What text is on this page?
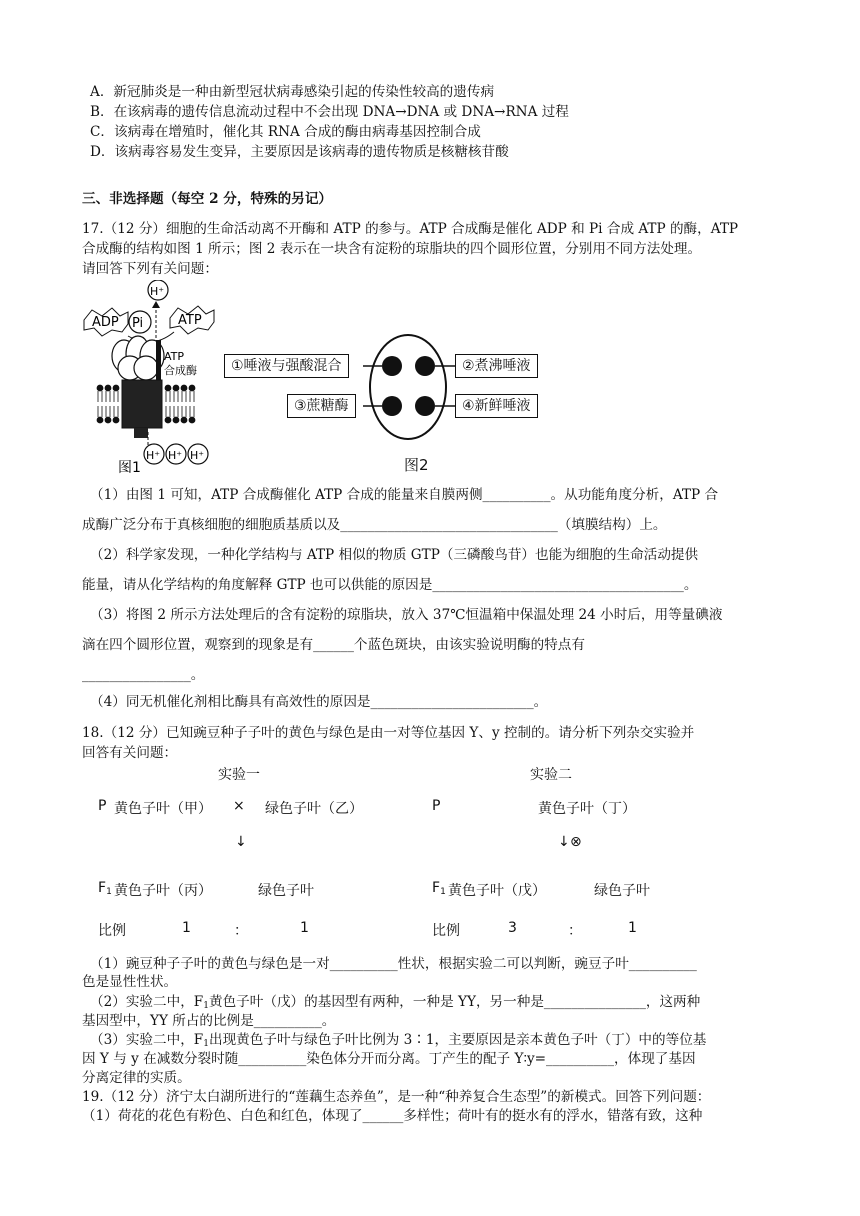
A．新冠肺炎是一种由新型冠状病毒感染引起的传染性较高的遗传病
B．在该病毒的遗传信息流动过程中不会出现 DNA→DNA 或 DNA→RNA 过程
C．该病毒在增殖时，催化其 RNA 合成的酶由病毒基因控制合成
D．该病毒容易发生变异，主要原因是该病毒的遗传物质是核糖核苷酸
三、非选择题（每空 2 分，特殊的另记）
17.（12 分）细胞的生命活动离不开酶和 ATP 的参与。ATP 合成酶是催化 ADP 和 Pi 合成 ATP 的酶，ATP
合成酶的结构如图 1 所示；图 2 表示在一块含有淀粉的琼脂块的四个圆形位置，分别用不同方法处理。
请回答下列有关问题：
H⁺
ADP Pi	ATP
ATP
合成酶
H⁺ H⁺ H⁺
图1
①唾液与强酸混合	②煮沸唾液
③蔗糖酶	④新鲜唾液
图2
（1）由图 1 可知，ATP 合成酶催化 ATP 合成的能量来自膜两侧__________。从功能角度分析，ATP 合
成酶广泛分布于真核细胞的细胞质基质以及________________________________（填膜结构）上。
（2）科学家发现，一种化学结构与 ATP 相似的物质 GTP（三磷酸鸟苷）也能为细胞的生命活动提供
能量，请从化学结构的角度解释 GTP 也可以供能的原因是_____________________________________。
（3）将图 2 所示方法处理后的含有淀粉的琼脂块，放入 37℃恒温箱中保温处理 24 小时后，用等量碘液
滴在四个圆形位置，观察到的现象是有______个蓝色斑块，由该实验说明酶的特点有
________________。
（4）同无机催化剂相比酶具有高效性的原因是________________________。
18.（12 分）已知豌豆种子子叶的黄色与绿色是由一对等位基因 Y、y 控制的。请分析下列杂交实验并
回答有关问题：
实验一
P 黄色子叶（甲） × 绿色子叶（乙）
↓
$F_1$ 黄色子叶（丙）	绿色子叶
比例	1	：	1
实验二
P	黄色子叶（丁）
↓ ⊗
$F_1$ 黄色子叶（戊）	绿色子叶
比例	3	：	1
（1）豌豆种子子叶的黄色与绿色是一对__________性状，根据实验二可以判断，豌豆子叶__________
色是显性性状。
（2）实验二中，$F_1$黄色子叶（戊）的基因型有两种，一种是 YY，另一种是_______________，这两种
基因型中，YY 所占的比例是__________。
（3）实验二中，$F_1$出现黄色子叶与绿色子叶比例为 3∶1，主要原因是亲本黄色子叶（丁）中的等位基
因 Y 与 y 在减数分裂时随__________染色体分开而分离。丁产生的配子 Y∶y=__________，体现了基因
分离定律的实质。
19.（12 分）济宁太白湖所进行的“莲藕生态养鱼”，是一种“种养复合生态型”的新模式。回答下列问题：
（1）荷花的花色有粉色、白色和红色，体现了______多样性；荷叶有的挺水有的浮水，错落有致，这种
